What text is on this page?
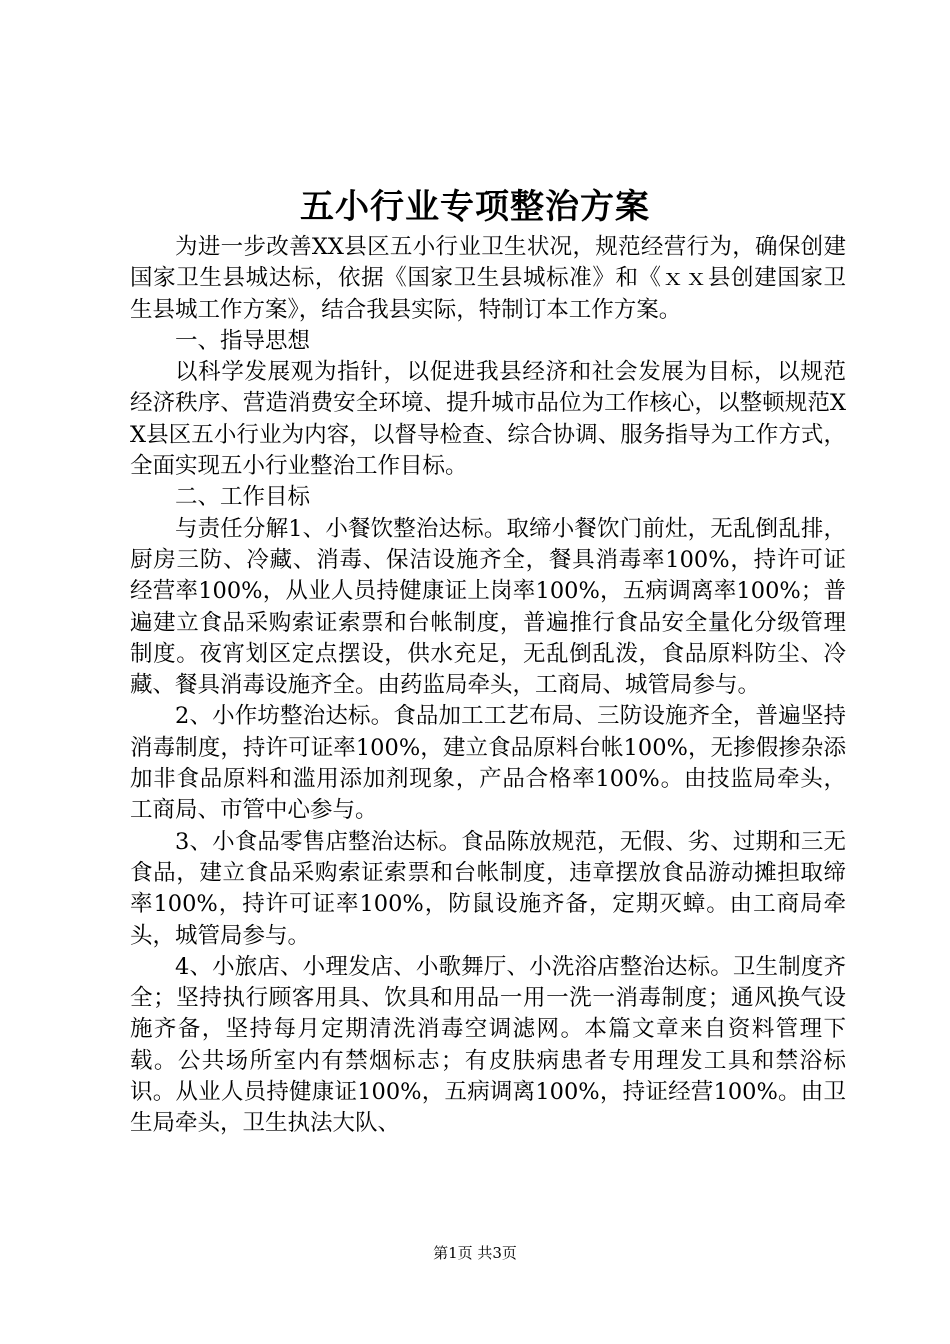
五小行业专项整治方案

为进一步改善XX县区五小行业卫生状况，规范经营行为，确保创建国家卫生县城达标，依据《国家卫生县城标准》和《ｘｘ县创建国家卫生县城工作方案》，结合我县实际，特制订本工作方案。

一、指导思想

以科学发展观为指针，以促进我县经济和社会发展为目标，以规范经济秩序、营造消费安全环境、提升城市品位为工作核心，以整顿规范XX县区五小行业为内容，以督导检查、综合协调、服务指导为工作方式，全面实现五小行业整治工作目标。

二、工作目标

与责任分解1、小餐饮整治达标。取缔小餐饮门前灶，无乱倒乱排，厨房三防、冷藏、消毒、保洁设施齐全，餐具消毒率100%，持许可证经营率100%，从业人员持健康证上岗率100%，五病调离率100%；普遍建立食品采购索证索票和台帐制度，普遍推行食品安全量化分级管理制度。夜宵划区定点摆设，供水充足，无乱倒乱泼，食品原料防尘、冷藏、餐具消毒设施齐全。由药监局牵头，工商局、城管局参与。

2、小作坊整治达标。食品加工工艺布局、三防设施齐全，普遍坚持消毒制度，持许可证率100%，建立食品原料台帐100%，无掺假掺杂添加非食品原料和滥用添加剂现象，产品合格率100%。由技监局牵头，工商局、市管中心参与。

3、小食品零售店整治达标。食品陈放规范，无假、劣、过期和三无食品，建立食品采购索证索票和台帐制度，违章摆放食品游动摊担取缔率100%，持许可证率100%，防鼠设施齐备，定期灭蟑。由工商局牵头，城管局参与。

4、小旅店、小理发店、小歌舞厅、小洗浴店整治达标。卫生制度齐全；坚持执行顾客用具、饮具和用品一用一洗一消毒制度；通风换气设施齐备，坚持每月定期清洗消毒空调滤网。本篇文章来自资料管理下载。公共场所室内有禁烟标志；有皮肤病患者专用理发工具和禁浴标识。从业人员持健康证100%，五病调离100%，持证经营100%。由卫生局牵头，卫生执法大队、

第1页 共3页
